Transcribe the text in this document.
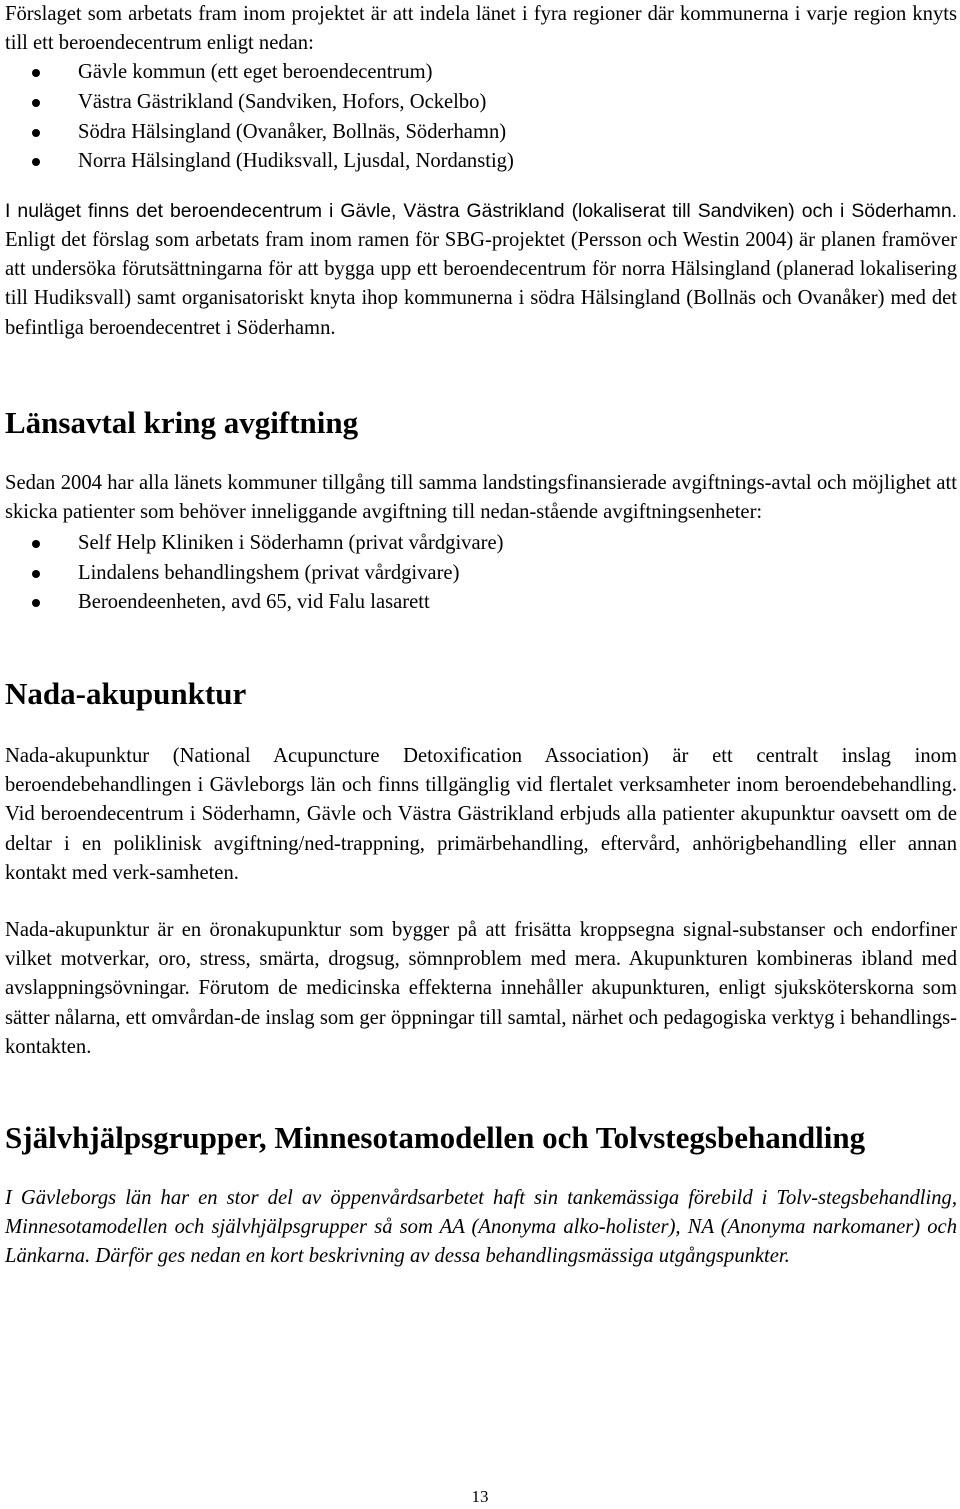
Förslaget som arbetats fram inom projektet är att indela länet i fyra regioner där kommunerna i varje region knyts till ett beroendecentrum enligt nedan:

Gävle kommun (ett eget beroendecentrum)
Västra Gästrikland (Sandviken, Hofors, Ockelbo)
Södra Hälsingland (Ovanåker, Bollnäs, Söderhamn)
Norra Hälsingland (Hudiksvall, Ljusdal, Nordanstig)

I nuläget finns det beroendecentrum i Gävle, Västra Gästrikland (lokaliserat till Sandviken) och i Söderhamn. Enligt det förslag som arbetats fram inom ramen för SBG-projektet (Persson och Westin 2004) är planen framöver att undersöka förutsättningarna för att bygga upp ett beroendecentrum för norra Hälsingland (planerad lokalisering till Hudiksvall) samt organisatoriskt knyta ihop kommunerna i södra Hälsingland (Bollnäs och Ovanåker) med det befintliga beroendecentret i Söderhamn.

Länsavtal kring avgiftning

Sedan 2004 har alla länets kommuner tillgång till samma landstingsfinansierade avgiftnings-avtal och möjlighet att skicka patienter som behöver inneliggande avgiftning till nedan-stående avgiftningsenheter:

Self Help Kliniken i Söderhamn (privat vårdgivare)
Lindalens behandlingshem (privat vårdgivare)
Beroendeenheten, avd 65, vid Falu lasarett
Nada-akupunktur

Nada-akupunktur (National Acupuncture Detoxification Association) är ett centralt inslag inom beroendebehandlingen i Gävleborgs län och finns tillgänglig vid flertalet verksamheter inom beroendebehandling. Vid beroendecentrum i Söderhamn, Gävle och Västra Gästrikland erbjuds alla patienter akupunktur oavsett om de deltar i en poliklinisk avgiftning/ned-trappning, primärbehandling, eftervård, anhörigbehandling eller annan kontakt med verk-samheten.

Nada-akupunktur är en öronakupunktur som bygger på att frisätta kroppsegna signal-substanser och endorfiner vilket motverkar, oro, stress, smärta, drogsug, sömnproblem med mera. Akupunkturen kombineras ibland med avslappningsövningar. Förutom de medicinska effekterna innehåller akupunkturen, enligt sjuksköterskorna som sätter nålarna, ett omvårdan-de inslag som ger öppningar till samtal, närhet och pedagogiska verktyg i behandlings-kontakten.

Självhjälpsgrupper, Minnesotamodellen och Tolvstegsbehandling

I Gävleborgs län har en stor del av öppenvårdsarbetet haft sin tankemässiga förebild i Tolv-stegsbehandling, Minnesotamodellen och självhjälpsgrupper så som AA (Anonyma alko-holister), NA (Anonyma narkomaner) och Länkarna. Därför ges nedan en kort beskrivning av dessa behandlingsmässiga utgångspunkter.

13
